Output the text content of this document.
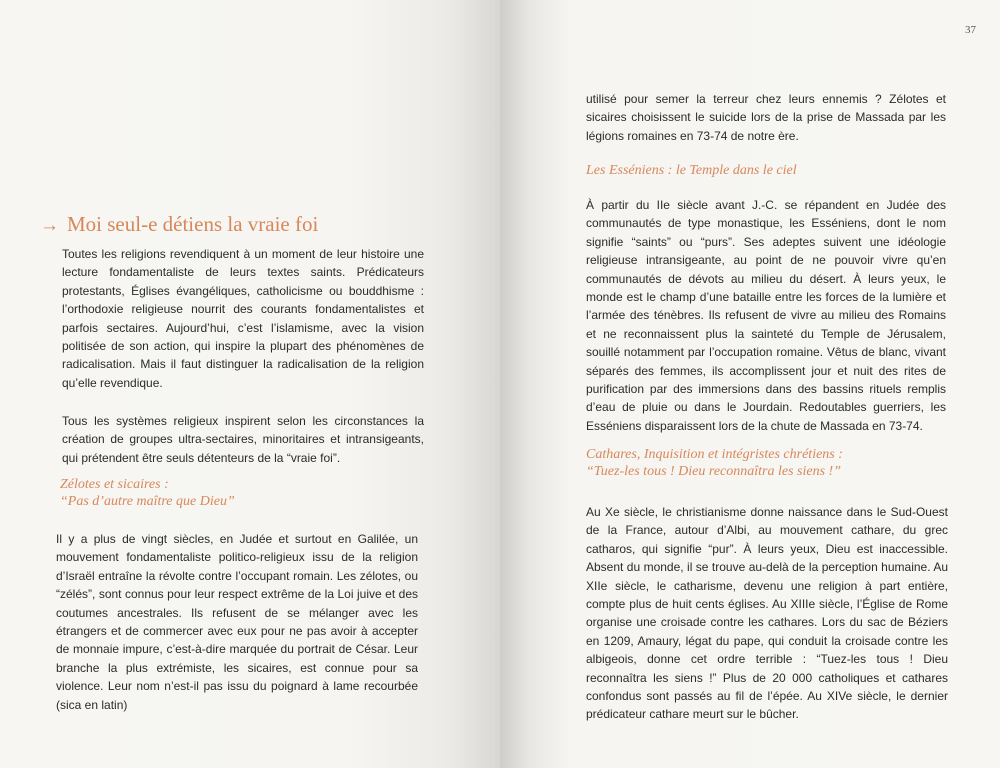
→ Moi seul-e détiens la vraie foi

Toutes les religions revendiquent à un moment de leur histoire une lecture fondamentaliste de leurs textes saints. Prédicateurs protestants, Églises évangéliques, catholicisme ou bouddhisme : l’orthodoxie religieuse nourrit des courants fondamentalistes et parfois sectaires. Aujourd’hui, c’est l’islamisme, avec la vision politisée de son action, qui inspire la plupart des phénomènes de radicalisation. Mais il faut distinguer la radicalisation de la religion qu’elle revendique.

Tous les systèmes religieux inspirent selon les circonstances la création de groupes ultra-sectaires, minoritaires et intransigeants, qui prétendent être seuls détenteurs de la “vraie foi”.

Zélotes et sicaires :
“Pas d’autre maître que Dieu”

Il y a plus de vingt siècles, en Judée et surtout en Galilée, un mouvement fondamentaliste politico-religieux issu de la religion d’Israël entraîne la révolte contre l’occupant romain. Les zélotes, ou “zélés”, sont connus pour leur respect extrême de la Loi juive et des coutumes ancestrales. Ils refusent de se mélanger avec les étrangers et de commercer avec eux pour ne pas avoir à accepter de monnaie impure, c’est-à-dire marquée du portrait de César. Leur branche la plus extrémiste, les sicaires, est connue pour sa violence. Leur nom n’est-il pas issu du poignard à lame recourbée (sica en latin)

37

utilisé pour semer la terreur chez leurs ennemis ? Zélotes et sicaires choisissent le suicide lors de la prise de Massada par les légions romaines en 73-74 de notre ère.

Les Esséniens : le Temple dans le ciel

À partir du IIe siècle avant J.-C. se répandent en Judée des communautés de type monastique, les Esséniens, dont le nom signifie “saints” ou “purs”. Ses adeptes suivent une idéologie religieuse intransigeante, au point de ne pouvoir vivre qu’en communautés de dévots au milieu du désert. À leurs yeux, le monde est le champ d’une bataille entre les forces de la lumière et l’armée des ténèbres. Ils refusent de vivre au milieu des Romains et ne reconnaissent plus la sainteté du Temple de Jérusalem, souillé notamment par l’occupation romaine. Vêtus de blanc, vivant séparés des femmes, ils accomplissent jour et nuit des rites de purification par des immersions dans des bassins rituels remplis d’eau de pluie ou dans le Jourdain. Redoutables guerriers, les Esséniens disparaissent lors de la chute de Massada en 73-74.

Cathares, Inquisition et intégristes chrétiens :
“Tuez-les tous ! Dieu reconnaîtra les siens !”

Au Xe siècle, le christianisme donne naissance dans le Sud-Ouest de la France, autour d’Albi, au mouvement cathare, du grec catharos, qui signifie “pur”. À leurs yeux, Dieu est inaccessible. Absent du monde, il se trouve au-delà de la perception humaine. Au XIIe siècle, le catharisme, devenu une religion à part entière, compte plus de huit cents églises. Au XIIIe siècle, l’Église de Rome organise une croisade contre les cathares. Lors du sac de Béziers en 1209, Amaury, légat du pape, qui conduit la croisade contre les albigeois, donne cet ordre terrible : “Tuez-les tous ! Dieu reconnaîtra les siens !” Plus de 20 000 catholiques et cathares confondus sont passés au fil de l’épée. Au XIVe siècle, le dernier prédicateur cathare meurt sur le bûcher.
